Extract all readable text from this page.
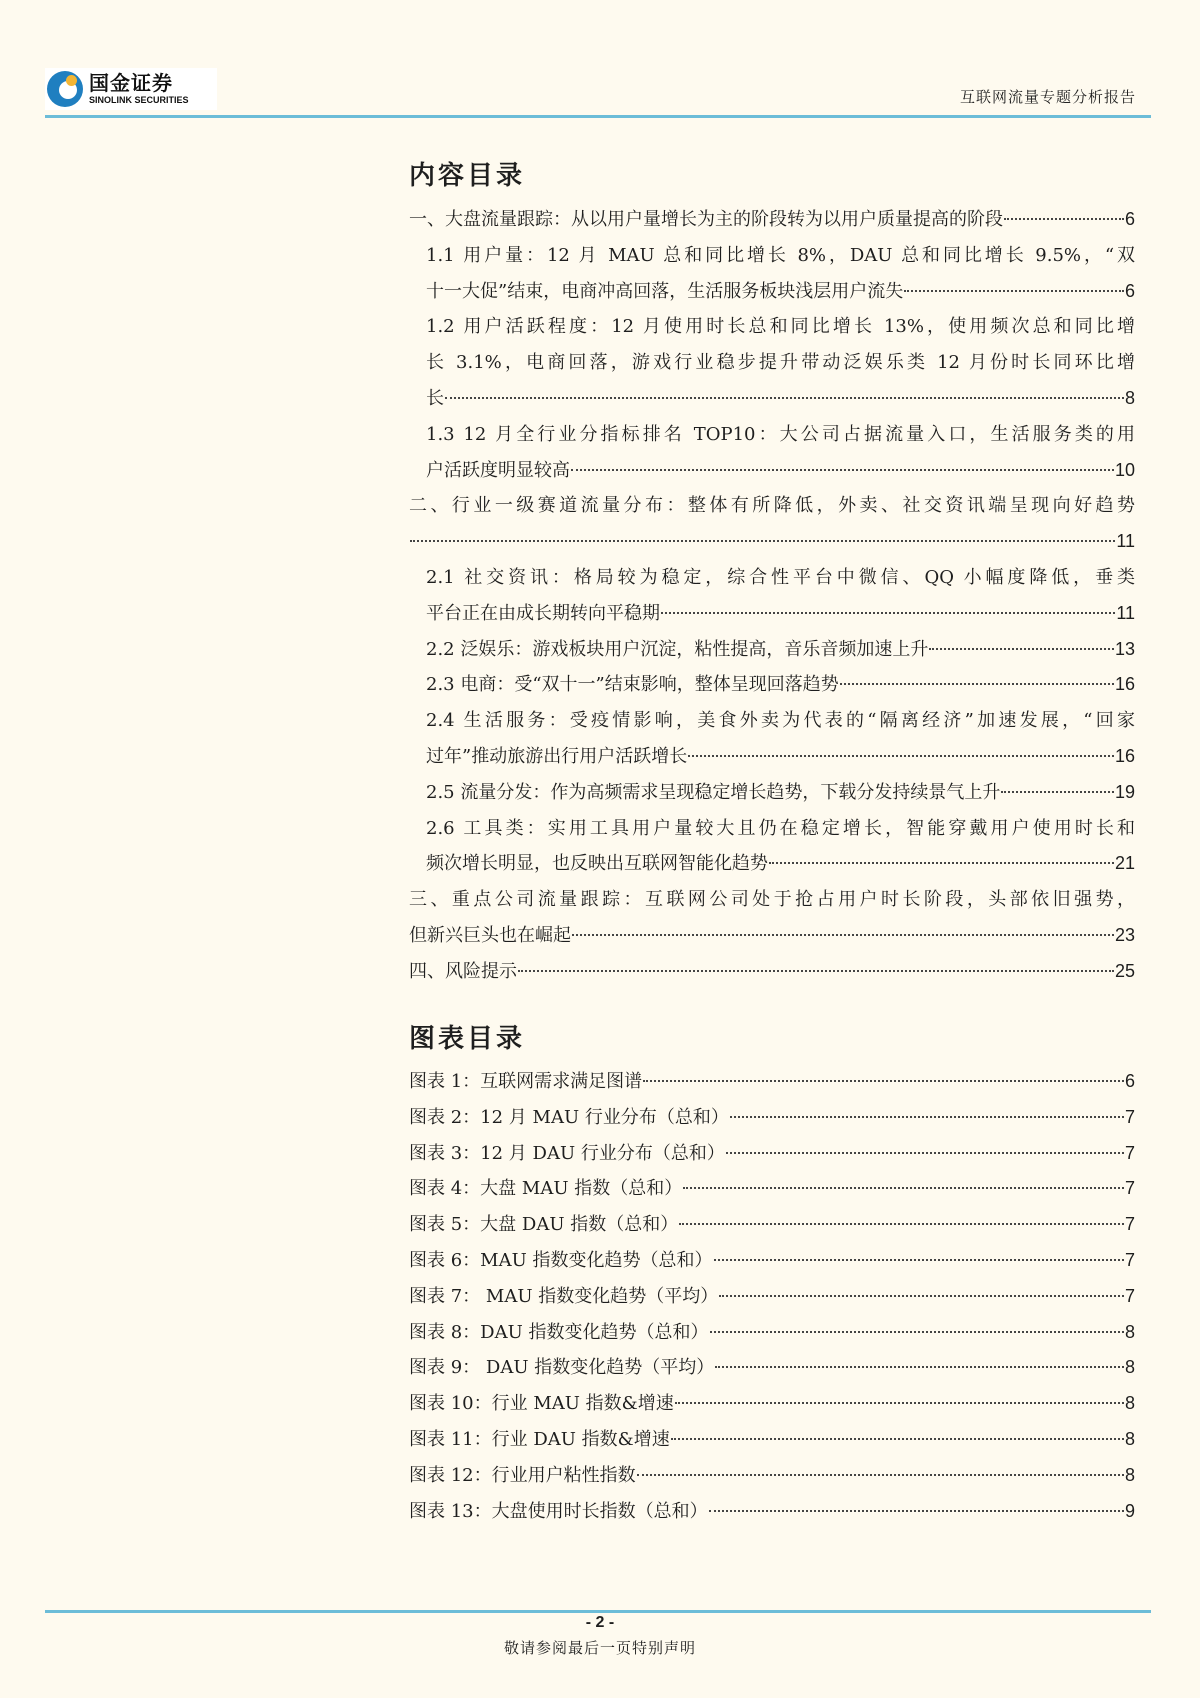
国金证券
SINOLINK SECURITIES	互联网流量专题分析报告
内容目录
一、大盘流量跟踪：从以用户量增长为主的阶段转为以用户质量提高的阶段	6
1.1 用户量：12 月 MAU 总和同比增长 8%，DAU 总和同比增长 9.5%，“双
十一大促”结束，电商冲高回落，生活服务板块浅层用户流失	6
1.2 用户活跃程度：12 月使用时长总和同比增长 13%，使用频次总和同比增
长 3.1%，电商回落，游戏行业稳步提升带动泛娱乐类 12 月份时长同环比增
长	8
1.3 12 月全行业分指标排名 TOP10：大公司占据流量入口，生活服务类的用
户活跃度明显较高	10
二、行业一级赛道流量分布：整体有所降低，外卖、社交资讯端呈现向好趋势
11
2.1 社交资讯：格局较为稳定，综合性平台中微信、QQ 小幅度降低，垂类
平台正在由成长期转向平稳期	11
2.2 泛娱乐：游戏板块用户沉淀，粘性提高，音乐音频加速上升	13
2.3 电商：受“双十一”结束影响，整体呈现回落趋势	16
2.4 生活服务：受疫情影响，美食外卖为代表的“隔离经济”加速发展，“回家
过年”推动旅游出行用户活跃增长	16
2.5 流量分发：作为高频需求呈现稳定增长趋势，下载分发持续景气上升	19
2.6 工具类：实用工具用户量较大且仍在稳定增长，智能穿戴用户使用时长和
频次增长明显，也反映出互联网智能化趋势	21
三、重点公司流量跟踪：互联网公司处于抢占用户时长阶段，头部依旧强势，
但新兴巨头也在崛起	23
四、风险提示	25
图表目录
图表 1：互联网需求满足图谱	6
图表 2：12 月 MAU 行业分布（总和）	7
图表 3：12 月 DAU 行业分布（总和）	7
图表 4：大盘 MAU 指数（总和）	7
图表 5：大盘 DAU 指数（总和）	7
图表 6：MAU 指数变化趋势（总和）	7
图表 7： MAU 指数变化趋势（平均）	7
图表 8：DAU 指数变化趋势（总和）	8
图表 9： DAU 指数变化趋势（平均）	8
图表 10：行业 MAU 指数&增速	8
图表 11：行业 DAU 指数&增速	8
图表 12：行业用户粘性指数	8
图表 13：大盘使用时长指数（总和）	9
- 2 -
敬请参阅最后一页特别声明
